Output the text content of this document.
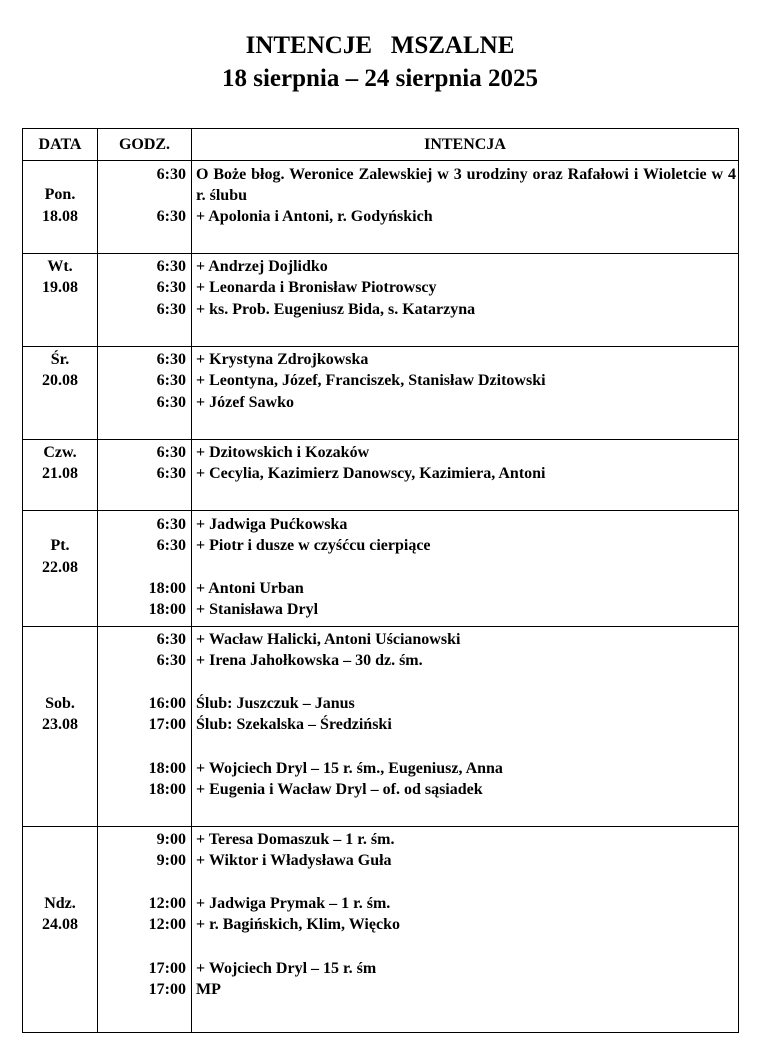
INTENCJE   MSZALNE
18 sierpnia – 24 sierpnia 2025
DATA	GODZ.	INTENCJA
Pon.
18.08
6:30 O Boże błog. Weronice Zalewskiej w 3 urodziny oraz Rafałowi i Wioletcie w 4 r. ślubu
6:30 + Apolonia i Antoni, r. Godyńskich
Wt.
19.08
6:30 + Andrzej Dojlidko
6:30 + Leonarda i Bronisław Piotrowscy
6:30 + ks. Prob. Eugeniusz Bida, s. Katarzyna
Śr.
20.08
6:30 + Krystyna Zdrojkowska
6:30 + Leontyna, Józef, Franciszek, Stanisław Dzitowski
6:30 + Józef Sawko
Czw.
21.08
6:30 + Dzitowskich i Kozaków
6:30 + Cecylia, Kazimierz Danowscy, Kazimiera, Antoni
Pt.
22.08
6:30 + Jadwiga Pućkowska
6:30 + Piotr i dusze w czyśćcu cierpiące
18:00 + Antoni Urban
18:00 + Stanisława Dryl
Sob.
23.08
6:30 + Wacław Halicki, Antoni Uścianowski
6:30 + Irena Jahołkowska – 30 dz. śm.
16:00 Ślub: Juszczuk – Janus
17:00 Ślub: Szekalska – Średziński
18:00 + Wojciech Dryl – 15 r. śm., Eugeniusz, Anna
18:00 + Eugenia i Wacław Dryl – of. od sąsiadek
Ndz.
24.08
9:00 + Teresa Domaszuk – 1 r. śm.
9:00 + Wiktor i Władysława Guła
12:00 + Jadwiga Prymak – 1 r. śm.
12:00 + r. Bagińskich, Klim, Więcko
17:00 + Wojciech Dryl – 15 r. śm
17:00 MP
